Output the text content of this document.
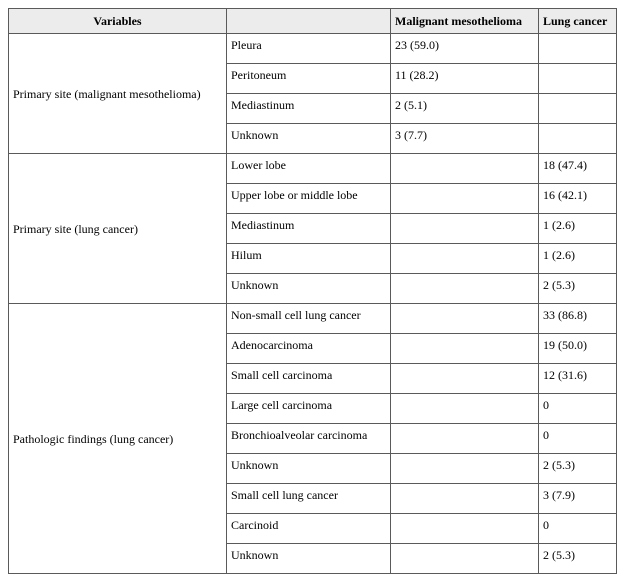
Variables		Malignant mesothelioma	Lung cancer
Primary site (malignant mesothelioma)	Pleura	23 (59.0)	
	Peritoneum	11 (28.2)	
	Mediastinum	2 (5.1)	
	Unknown	3 (7.7)	
Primary site (lung cancer)	Lower lobe		18 (47.4)
	Upper lobe or middle lobe		16 (42.1)
	Mediastinum		1 (2.6)
	Hilum		1 (2.6)
	Unknown		2 (5.3)
Pathologic findings (lung cancer)	Non-small cell lung cancer		33 (86.8)
	Adenocarcinoma		19 (50.0)
	Small cell carcinoma		12 (31.6)
	Large cell carcinoma		0
	Bronchioalveolar carcinoma		0
	Unknown		2 (5.3)
	Small cell lung cancer		3 (7.9)
	Carcinoid		0
	Unknown		2 (5.3)
